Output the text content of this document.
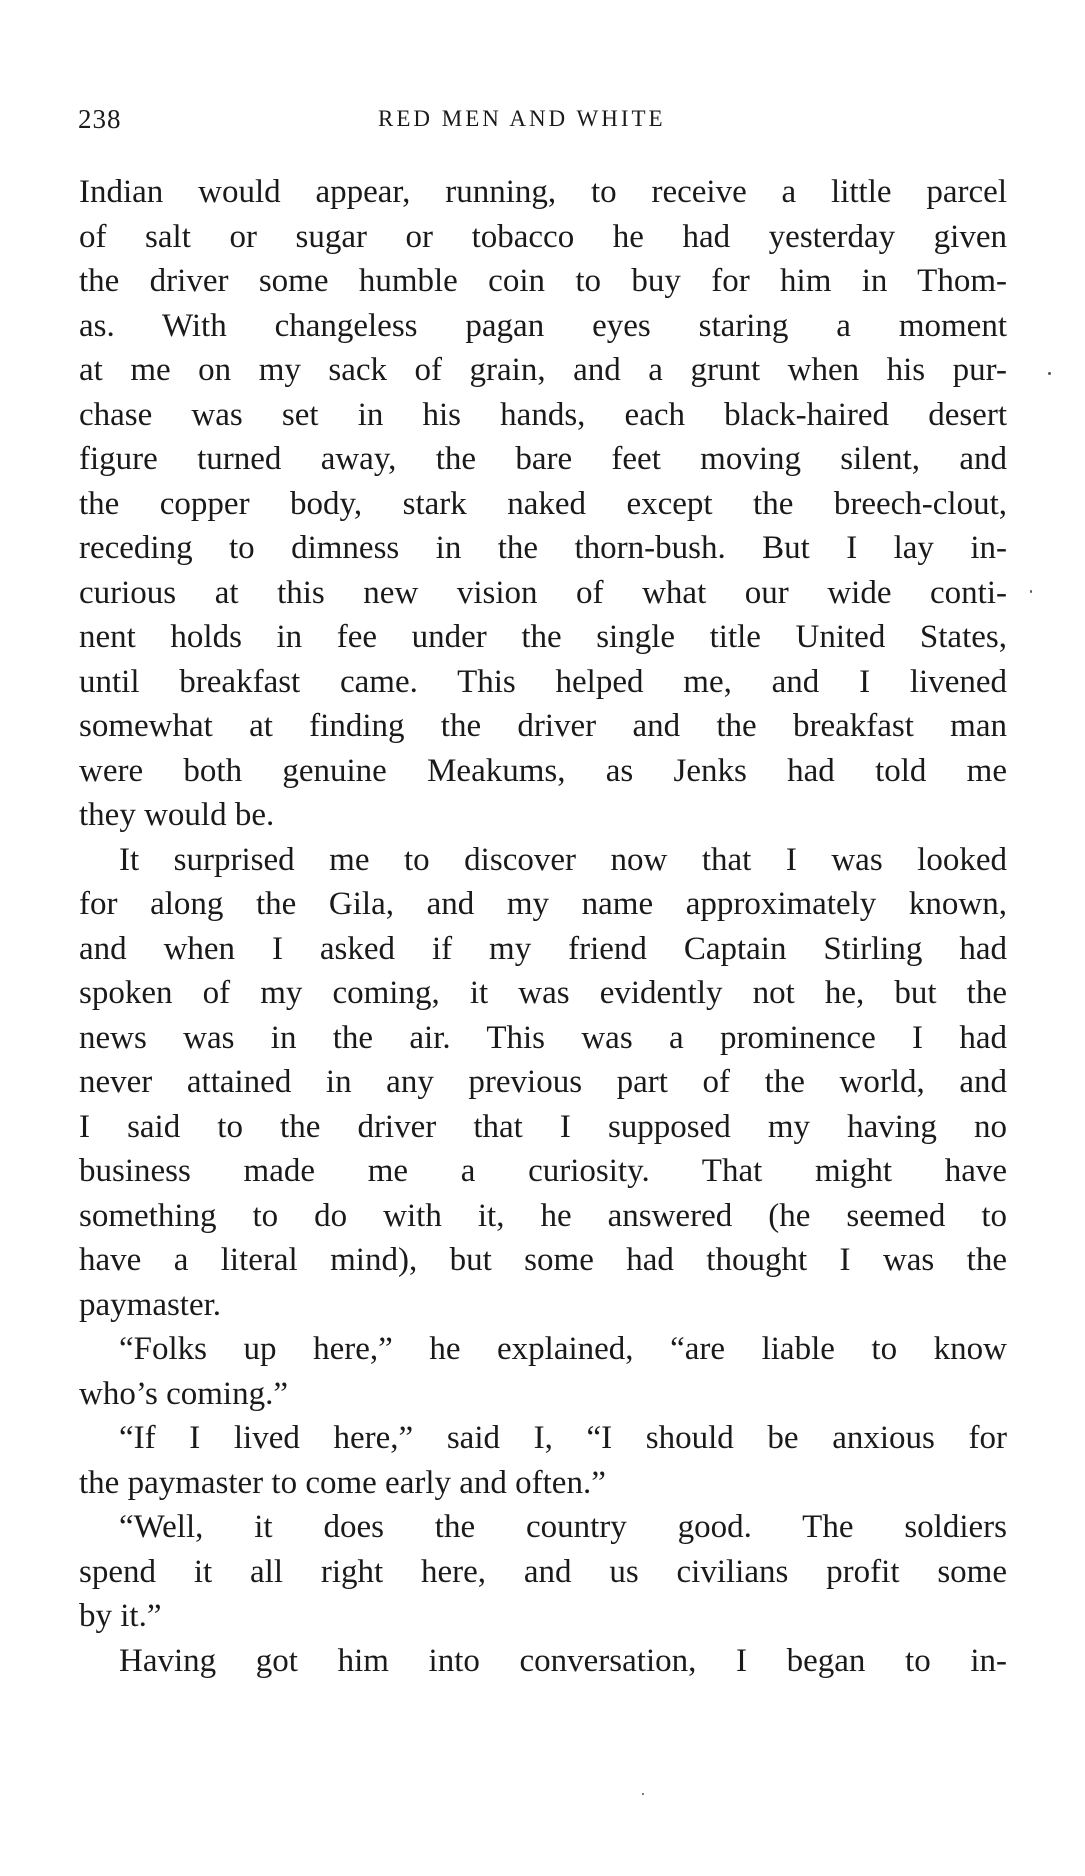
238	RED MEN AND WHITE
Indian would appear, running, to receive a little parcel
of salt or sugar or tobacco he had yesterday given
the driver some humble coin to buy for him in Thom-
as. With changeless pagan eyes staring a moment
at me on my sack of grain, and a grunt when his pur-
chase was set in his hands, each black-haired desert
figure turned away, the bare feet moving silent, and
the copper body, stark naked except the breech-clout,
receding to dimness in the thorn-bush. But I lay in-
curious at this new vision of what our wide conti-
nent holds in fee under the single title United States,
until breakfast came. This helped me, and I livened
somewhat at finding the driver and the breakfast man
were both genuine Meakums, as Jenks had told me
they would be.
It surprised me to discover now that I was looked
for along the Gila, and my name approximately known,
and when I asked if my friend Captain Stirling had
spoken of my coming, it was evidently not he, but the
news was in the air. This was a prominence I had
never attained in any previous part of the world, and
I said to the driver that I supposed my having no
business made me a curiosity. That might have
something to do with it, he answered (he seemed to
have a literal mind), but some had thought I was the
paymaster.
“Folks up here,” he explained, “are liable to know
who’s coming.”
“If I lived here,” said I, “I should be anxious for
the paymaster to come early and often.”
“Well, it does the country good. The soldiers
spend it all right here, and us civilians profit some
by it.”
Having got him into conversation, I began to in-
